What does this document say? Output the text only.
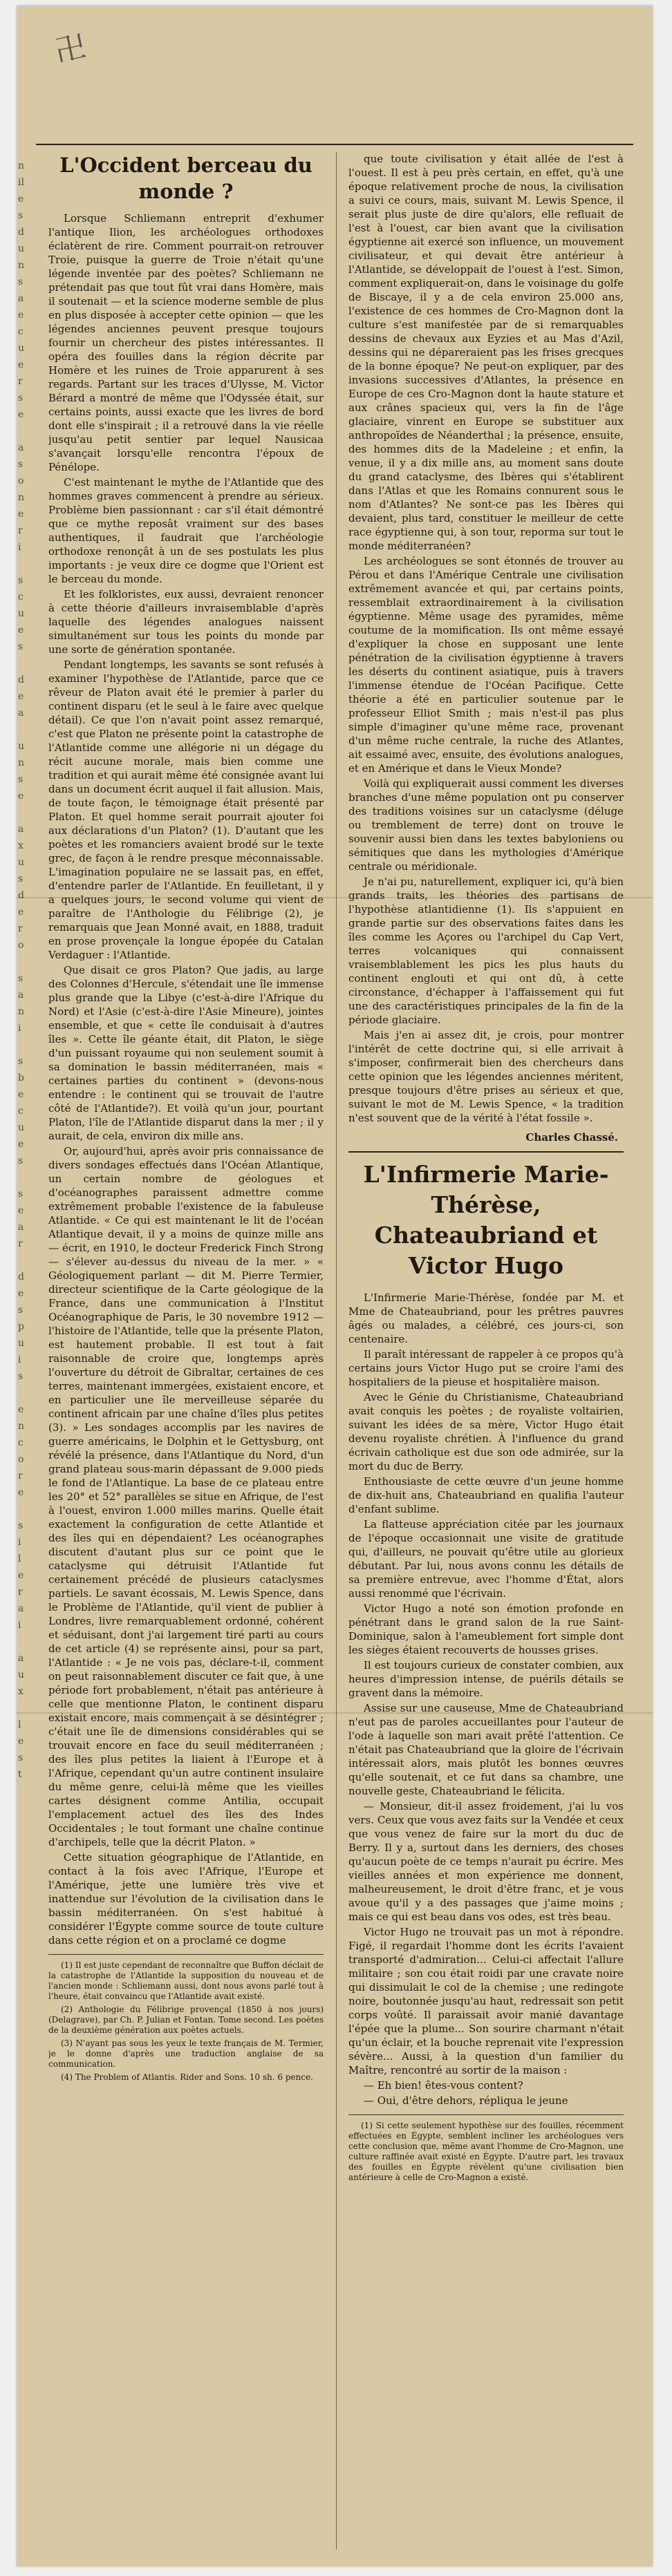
卍
n
il
e
s
d
u
n
s
a
e
c
u
e
r
s
e

a
s
o
n
e
r
i

s
c
u
e
s

d
e
a

u
n
s
e

a
x
u
s
d
e
r
o

s
a
n
i

s
b
e
c
u
e
s

s
e
a
r

d
e
s
p
u
i
s

e
n
c
o
r
e

s
i
l
e
r
a
i

a
u
x

l
e
s
t
L'Occident berceau du monde ?

Lorsque Schliemann entreprit d'exhumer l'antique Ilion, les archéologues orthodoxes éclatèrent de rire. Comment pourrait-on retrouver Troie, puisque la guerre de Troie n'était qu'une légende inventée par des poètes? Schliemann ne prétendait pas que tout fût vrai dans Homère, mais il soutenait — et la science moderne semble de plus en plus disposée à accepter cette opinion — que les légendes anciennes peuvent presque toujours fournir un chercheur des pistes intéressantes. Il opéra des fouilles dans la région décrite par Homère et les ruines de Troie apparurent à ses regards. Partant sur les traces d'Ulysse, M. Victor Bérard a montré de même que l'Odyssée était, sur certains points, aussi exacte que les livres de bord dont elle s'inspirait ; il a retrouvé dans la vie réelle jusqu'au petit sentier par lequel Nausicaa s'avançait lorsqu'elle rencontra l'époux de Pénélope.

C'est maintenant le mythe de l'Atlantide que des hommes graves commencent à prendre au sérieux. Problème bien passionnant : car s'il était démontré que ce mythe reposât vraiment sur des bases authentiques, il faudrait que l'archéologie orthodoxe renonçât à un de ses postulats les plus importants : je veux dire ce dogme que l'Orient est le berceau du monde.

Et les folkloristes, eux aussi, devraient renoncer à cette théorie d'ailleurs invraisemblable d'après laquelle des légendes analogues naissent simultanément sur tous les points du monde par une sorte de génération spontanée.

Pendant longtemps, les savants se sont refusés à examiner l'hypothèse de l'Atlantide, parce que ce rêveur de Platon avait été le premier à parler du continent disparu (et le seul à le faire avec quelque détail). Ce que l'on n'avait point assez remarqué, c'est que Platon ne présente point la catastrophe de l'Atlantide comme une allégorie ni un dégage du récit aucune morale, mais bien comme une tradition et qui aurait même été consignée avant lui dans un document écrit auquel il fait allusion. Mais, de toute façon, le témoignage était présenté par Platon. Et quel homme serait pourrait ajouter foi aux déclarations d'un Platon? (1). D'autant que les poètes et les romanciers avaient brodé sur le texte grec, de façon à le rendre presque méconnaissable. L'imagination populaire ne se lassait pas, en effet, d'entendre parler de l'Atlantide. En feuilletant, il y a quelques jours, le second volume qui vient de paraître de l'Anthologie du Félibrige (2), je remarquais que Jean Monné avait, en 1888, traduit en prose provençale la longue épopée du Catalan Verdaguer : l'Atlantide.

Que disait ce gros Platon? Que jadis, au large des Colonnes d'Hercule, s'étendait une île immense plus grande que la Libye (c'est-à-dire l'Afrique du Nord) et l'Asie (c'est-à-dire l'Asie Mineure), jointes ensemble, et que « cette île conduisait à d'autres îles ». Cette île géante était, dit Platon, le siège d'un puissant royaume qui non seulement soumit à sa domination le bassin méditerranéen, mais « certaines parties du continent » (devons-nous entendre : le continent qui se trouvait de l'autre côté de l'Atlantide?). Et voilà qu'un jour, pourtant Platon, l'île de l'Atlantide disparut dans la mer ; il y aurait, de cela, environ dix mille ans.

Or, aujourd'hui, après avoir pris connaissance de divers sondages effectués dans l'Océan Atlantique, un certain nombre de géologues et d'océanographes paraissent admettre comme extrêmement probable l'existence de la fabuleuse Atlantide. « Ce qui est maintenant le lit de l'océan Atlantique devait, il y a moins de quinze mille ans — écrit, en 1910, le docteur Frederick Finch Strong — s'élever au-dessus du niveau de la mer. » « Géologiquement parlant — dit M. Pierre Termier, directeur scientifique de la Carte géologique de la France, dans une communication à l'Institut Océanographique de Paris, le 30 novembre 1912 — l'histoire de l'Atlantide, telle que la présente Platon, est hautement probable. Il est tout à fait raisonnable de croire que, longtemps après l'ouverture du détroit de Gibraltar, certaines de ces terres, maintenant immergées, existaient encore, et en particulier une île merveilleuse séparée du continent africain par une chaîne d'îles plus petites (3). » Les sondages accomplis par les navires de guerre américains, le Dolphin et le Gettysburg, ont révélé la présence, dans l'Atlantique du Nord, d'un grand plateau sous-marin dépassant de 9.000 pieds le fond de l'Atlantique. La base de ce plateau entre les 20° et 52° parallèles se situe en Afrique, de l'est à l'ouest, environ 1.000 milles marins. Quelle était exactement la configuration de cette Atlantide et des îles qui en dépendaient? Les océanographes discutent d'autant plus sur ce point que le cataclysme qui détruisit l'Atlantide fut certainement précédé de plusieurs cataclysmes partiels. Le savant écossais, M. Lewis Spence, dans le Problème de l'Atlantide, qu'il vient de publier à Londres, livre remarquablement ordonné, cohérent et séduisant, dont j'ai largement tiré parti au cours de cet article (4) se représente ainsi, pour sa part, l'Atlantide : « Je ne vois pas, déclare-t-il, comment on peut raisonnablement discuter ce fait que, à une période fort probablement, n'était pas antérieure à celle que mentionne Platon, le continent disparu existait encore, mais commençait à se désintégrer ; c'était une île de dimensions considérables qui se trouvait encore en face du seuil méditerranéen ; des îles plus petites la liaient à l'Europe et à l'Afrique, cependant qu'un autre continent insulaire du même genre, celui-là même que les vieilles cartes désignent comme Antilia, occupait l'emplacement actuel des îles des Indes Occidentales ; le tout formant une chaîne continue d'archipels, telle que la décrit Platon. »

Cette situation géographique de l'Atlantide, en contact à la fois avec l'Afrique, l'Europe et l'Amérique, jette une lumière très vive et inattendue sur l'évolution de la civilisation dans le bassin méditerranéen. On s'est habitué à considérer l'Égypte comme source de toute culture dans cette région et on a proclamé ce dogme

(1) Il est juste cependant de reconnaître que Buffon déclait de la catastrophe de l'Atlantide la supposition du nouveau et de l'ancien monde : Schliemann aussi, dont nous avons parlé tout à l'heure, était convaincu que l'Atlantide avait existé.

(2) Anthologie du Félibrige provençal (1850 à nos jours) (Delagrave), par Ch. P. Julian et Fontan. Tome second. Les poètes de la deuxième génération aux poètes actuels.

(3) N'ayant pas sous les yeux le texte français de M. Termier, je le donne d'après une traduction anglaise de sa communication.

(4) The Problem of Atlantis. Rider and Sons. 10 sh. 6 pence.

que toute civilisation y était allée de l'est à l'ouest. Il est à peu près certain, en effet, qu'à une époque relativement proche de nous, la civilisation a suivi ce cours, mais, suivant M. Lewis Spence, il serait plus juste de dire qu'alors, elle refluait de l'est à l'ouest, car bien avant que la civilisation égyptienne ait exercé son influence, un mouvement civilisateur, et qui devait être antérieur à l'Atlantide, se développait de l'ouest à l'est. Simon, comment expliquerait-on, dans le voisinage du golfe de Biscaye, il y a de cela environ 25.000 ans, l'existence de ces hommes de Cro-Magnon dont la culture s'est manifestée par de si remarquables dessins de chevaux aux Eyzies et au Mas d'Azil, dessins qui ne dépareraient pas les frises grecques de la bonne époque? Ne peut-on expliquer, par des invasions successives d'Atlantes, la présence en Europe de ces Cro-Magnon dont la haute stature et aux crânes spacieux qui, vers la fin de l'âge glaciaire, vinrent en Europe se substituer aux anthropoïdes de Néanderthal ; la présence, ensuite, des hommes dits de la Madeleine ; et enfin, la venue, il y a dix mille ans, au moment sans doute du grand cataclysme, des Ibères qui s'établirent dans l'Atlas et que les Romains connurent sous le nom d'Atlantes? Ne sont-ce pas les Ibères qui devaient, plus tard, constituer le meilleur de cette race égyptienne qui, à son tour, reporma sur tout le monde méditerranéen?

Les archéologues se sont étonnés de trouver au Pérou et dans l'Amérique Centrale une civilisation extrêmement avancée et qui, par certains points, ressemblait extraordinairement à la civilisation égyptienne. Même usage des pyramides, même coutume de la momification. Ils ont même essayé d'expliquer la chose en supposant une lente pénétration de la civilisation égyptienne à travers les déserts du continent asiatique, puis à travers l'immense étendue de l'Océan Pacifique. Cette théorie a été en particulier soutenue par le professeur Elliot Smith ; mais n'est-il pas plus simple d'imaginer qu'une même race, provenant d'un même ruche centrale, la ruche des Atlantes, ait essaimé avec, ensuite, des évolutions analogues, et en Amérique et dans le Vieux Monde?

Voilà qui expliquerait aussi comment les diverses branches d'une même population ont pu conserver des traditions voisines sur un cataclysme (déluge ou tremblement de terre) dont on trouve le souvenir aussi bien dans les textes babyloniens ou sémitiques que dans les mythologies d'Amérique centrale ou méridionale.

Je n'ai pu, naturellement, expliquer ici, qu'à bien grands traits, les théories des partisans de l'hypothèse atlantidienne (1). Ils s'appuient en grande partie sur des observations faites dans les îles comme les Açores ou l'archipel du Cap Vert, terres volcaniques qui connaissent vraisemblablement les pics les plus hauts du continent englouti et qui ont dû, à cette circonstance, d'échapper à l'affaissement qui fut une des caractéristiques principales de la fin de la période glaciaire.

Mais j'en ai assez dit, je crois, pour montrer l'intérêt de cette doctrine qui, si elle arrivait à s'imposer, confirmerait bien des chercheurs dans cette opinion que les légendes anciennes méritent, presque toujours d'être prises au sérieux et que, suivant le mot de M. Lewis Spence, « la tradition n'est souvent que de la vérité à l'état fossile ».

Charles Chassé.
L'Infirmerie Marie-Thérèse, Chateaubriand et Victor Hugo

L'Infirmerie Marie-Thérèse, fondée par M. et Mme de Chateaubriand, pour les prêtres pauvres âgés ou malades, a célébré, ces jours-ci, son centenaire.

Il paraît intéressant de rappeler à ce propos qu'à certains jours Victor Hugo put se croire l'ami des hospitaliers de la pieuse et hospitalière maison.

Avec le Génie du Christianisme, Chateaubriand avait conquis les poètes ; de royaliste voltairien, suivant les idées de sa mère, Victor Hugo était devenu royaliste chrétien. À l'influence du grand écrivain catholique est due son ode admirée, sur la mort du duc de Berry.

Enthousiaste de cette œuvre d'un jeune homme de dix-huit ans, Chateaubriand en qualifia l'auteur d'enfant sublime.

La flatteuse appréciation citée par les journaux de l'époque occasionnait une visite de gratitude qui, d'ailleurs, ne pouvait qu'être utile au glorieux débutant. Par lui, nous avons connu les détails de sa première entrevue, avec l'homme d'État, alors aussi renommé que l'écrivain.

Victor Hugo a noté son émotion profonde en pénétrant dans le grand salon de la rue Saint-Dominique, salon à l'ameublement fort simple dont les sièges étaient recouverts de housses grises.

Il est toujours curieux de constater combien, aux heures d'impression intense, de puérils détails se gravent dans la mémoire.

Assise sur une causeuse, Mme de Chateaubriand n'eut pas de paroles accueillantes pour l'auteur de l'ode à laquelle son mari avait prêté l'attention. Ce n'était pas Chateaubriand que la gloire de l'écrivain intéressait alors, mais plutôt les bonnes œuvres qu'elle soutenait, et ce fut dans sa chambre, une nouvelle geste, Chateaubriand le félicita.

— Monsieur, dit-il assez froidement, j'ai lu vos vers. Ceux que vous avez faits sur la Vendée et ceux que vous venez de faire sur la mort du duc de Berry. Il y a, surtout dans les derniers, des choses qu'aucun poète de ce temps n'aurait pu écrire. Mes vieilles années et mon expérience me donnent, malheureusement, le droit d'être franc, et je vous avoue qu'il y a des passages que j'aime moins ; mais ce qui est beau dans vos odes, est très beau.

Victor Hugo ne trouvait pas un mot à répondre. Figé, il regardait l'homme dont les écrits l'avaient transporté d'admiration... Celui-ci affectait l'allure militaire ; son cou était roidi par une cravate noire qui dissimulait le col de la chemise ; une redingote noire, boutonnée jusqu'au haut, redressait son petit corps voûté. Il paraissait avoir manié davantage l'épée que la plume... Son sourire charmant n'était qu'un éclair, et la bouche reprenait vite l'expression sévère... Aussi, à la question d'un familier du Maître, rencontré au sortir de la maison :

— Eh bien! êtes-vous content?

— Oui, d'être dehors, répliqua le jeune

(1) Si cette seulement hypothèse sur des fouilles, récemment effectuées en Égypte, semblent incliner les archéologues vers cette conclusion que, même avant l'homme de Cro-Magnon, une culture raffinée avait existé en Égypte. D'autre part, les travaux des fouilles en Égypte révèlent qu'une civilisation bien antérieure à celle de Cro-Magnon a existé.
